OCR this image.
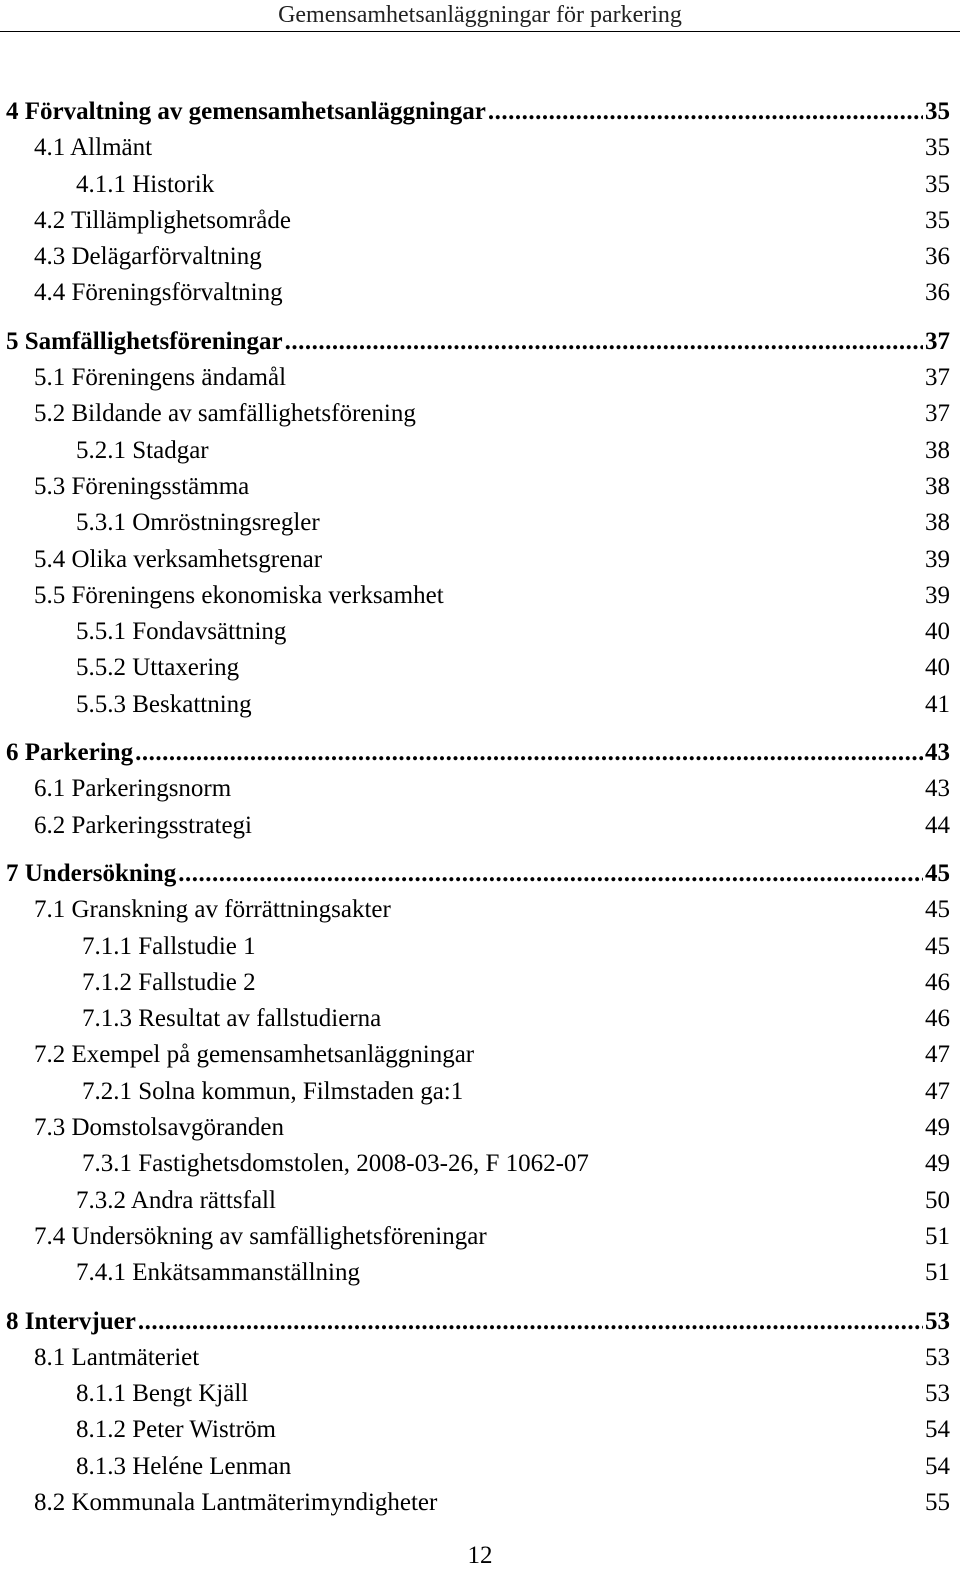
Gemensamhetsanläggningar för parkering
4 Förvaltning av gemensamhetsanläggningar .....	35
4.1 Allmänt	35
4.1.1 Historik	35
4.2 Tillämplighetsområde	35
4.3 Delägarförvaltning	36
4.4 Föreningsförvaltning	36
5 Samfällighetsföreningar .....	37
5.1 Föreningens ändamål	37
5.2 Bildande av samfällighetsförening	37
5.2.1 Stadgar	38
5.3 Föreningsstämma	38
5.3.1 Omröstningsregler	38
5.4 Olika verksamhetsgrenar	39
5.5 Föreningens ekonomiska verksamhet	39
5.5.1 Fondavsättning	40
5.5.2 Uttaxering	40
5.5.3 Beskattning	41
6 Parkering .....	43
6.1 Parkeringsnorm	43
6.2 Parkeringsstrategi	44
7 Undersökning .....	45
7.1 Granskning av förrättningsakter	45
7.1.1 Fallstudie 1	45
7.1.2 Fallstudie 2	46
7.1.3 Resultat av fallstudierna	46
7.2 Exempel på gemensamhetsanläggningar	47
7.2.1 Solna kommun, Filmstaden ga:1	47
7.3 Domstolsavgöranden	49
7.3.1 Fastighetsdomstolen, 2008-03-26, F 1062-07	49
7.3.2 Andra rättsfall	50
7.4 Undersökning av samfällighetsföreningar	51
7.4.1 Enkätsammanställning	51
8 Intervjuer .....	53
8.1 Lantmäteriet	53
8.1.1 Bengt Kjäll	53
8.1.2 Peter Wiström	54
8.1.3 Heléne Lenman	54
8.2 Kommunala Lantmäterimyndigheter	55
12
